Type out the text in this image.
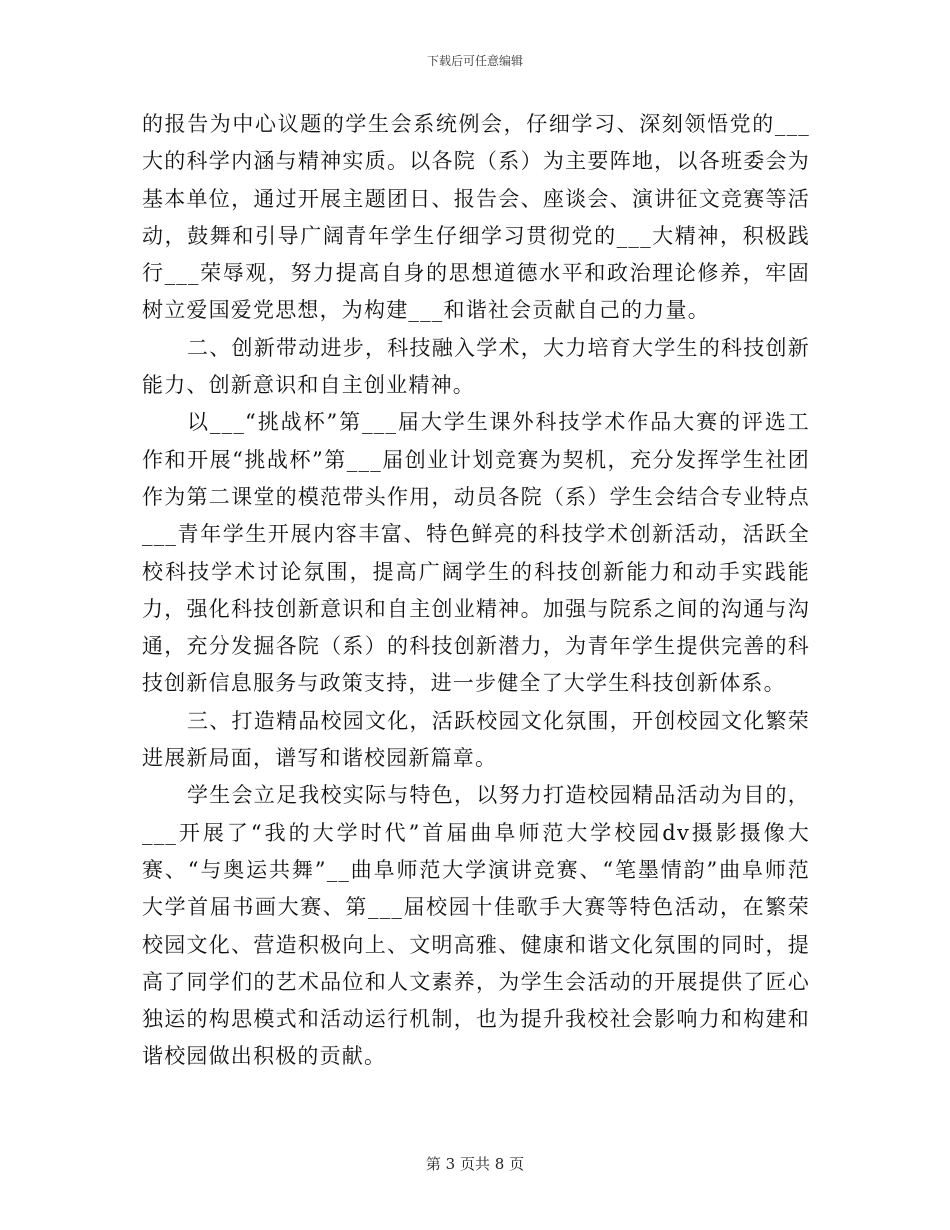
下载后可任意编辑

的报告为中心议题的学生会系统例会，仔细学习、深刻领悟党的___大的科学内涵与精神实质。以各院（系）为主要阵地，以各班委会为基本单位，通过开展主题团日、报告会、座谈会、演讲征文竞赛等活动，鼓舞和引导广阔青年学生仔细学习贯彻党的___大精神，积极践行___荣辱观，努力提高自身的思想道德水平和政治理论修养，牢固树立爱国爱党思想，为构建___和谐社会贡献自己的力量。

二、创新带动进步，科技融入学术，大力培育大学生的科技创新能力、创新意识和自主创业精神。

以___“挑战杯”第___届大学生课外科技学术作品大赛的评选工作和开展“挑战杯”第___届创业计划竞赛为契机，充分发挥学生社团作为第二课堂的模范带头作用，动员各院（系）学生会结合专业特点___青年学生开展内容丰富、特色鲜亮的科技学术创新活动，活跃全校科技学术讨论氛围，提高广阔学生的科技创新能力和动手实践能力，强化科技创新意识和自主创业精神。加强与院系之间的沟通与沟通，充分发掘各院（系）的科技创新潜力，为青年学生提供完善的科技创新信息服务与政策支持，进一步健全了大学生科技创新体系。

三、打造精品校园文化，活跃校园文化氛围，开创校园文化繁荣进展新局面，谱写和谐校园新篇章。

学生会立足我校实际与特色，以努力打造校园精品活动为目的，___开展了“我的大学时代”首届曲阜师范大学校园dv摄影摄像大赛、“与奥运共舞”__曲阜师范大学演讲竞赛、“笔墨情韵”曲阜师范大学首届书画大赛、第___届校园十佳歌手大赛等特色活动，在繁荣校园文化、营造积极向上、文明高雅、健康和谐文化氛围的同时，提高了同学们的艺术品位和人文素养，为学生会活动的开展提供了匠心独运的构思模式和活动运行机制，也为提升我校社会影响力和构建和谐校园做出积极的贡献。

第 3 页共 8 页
